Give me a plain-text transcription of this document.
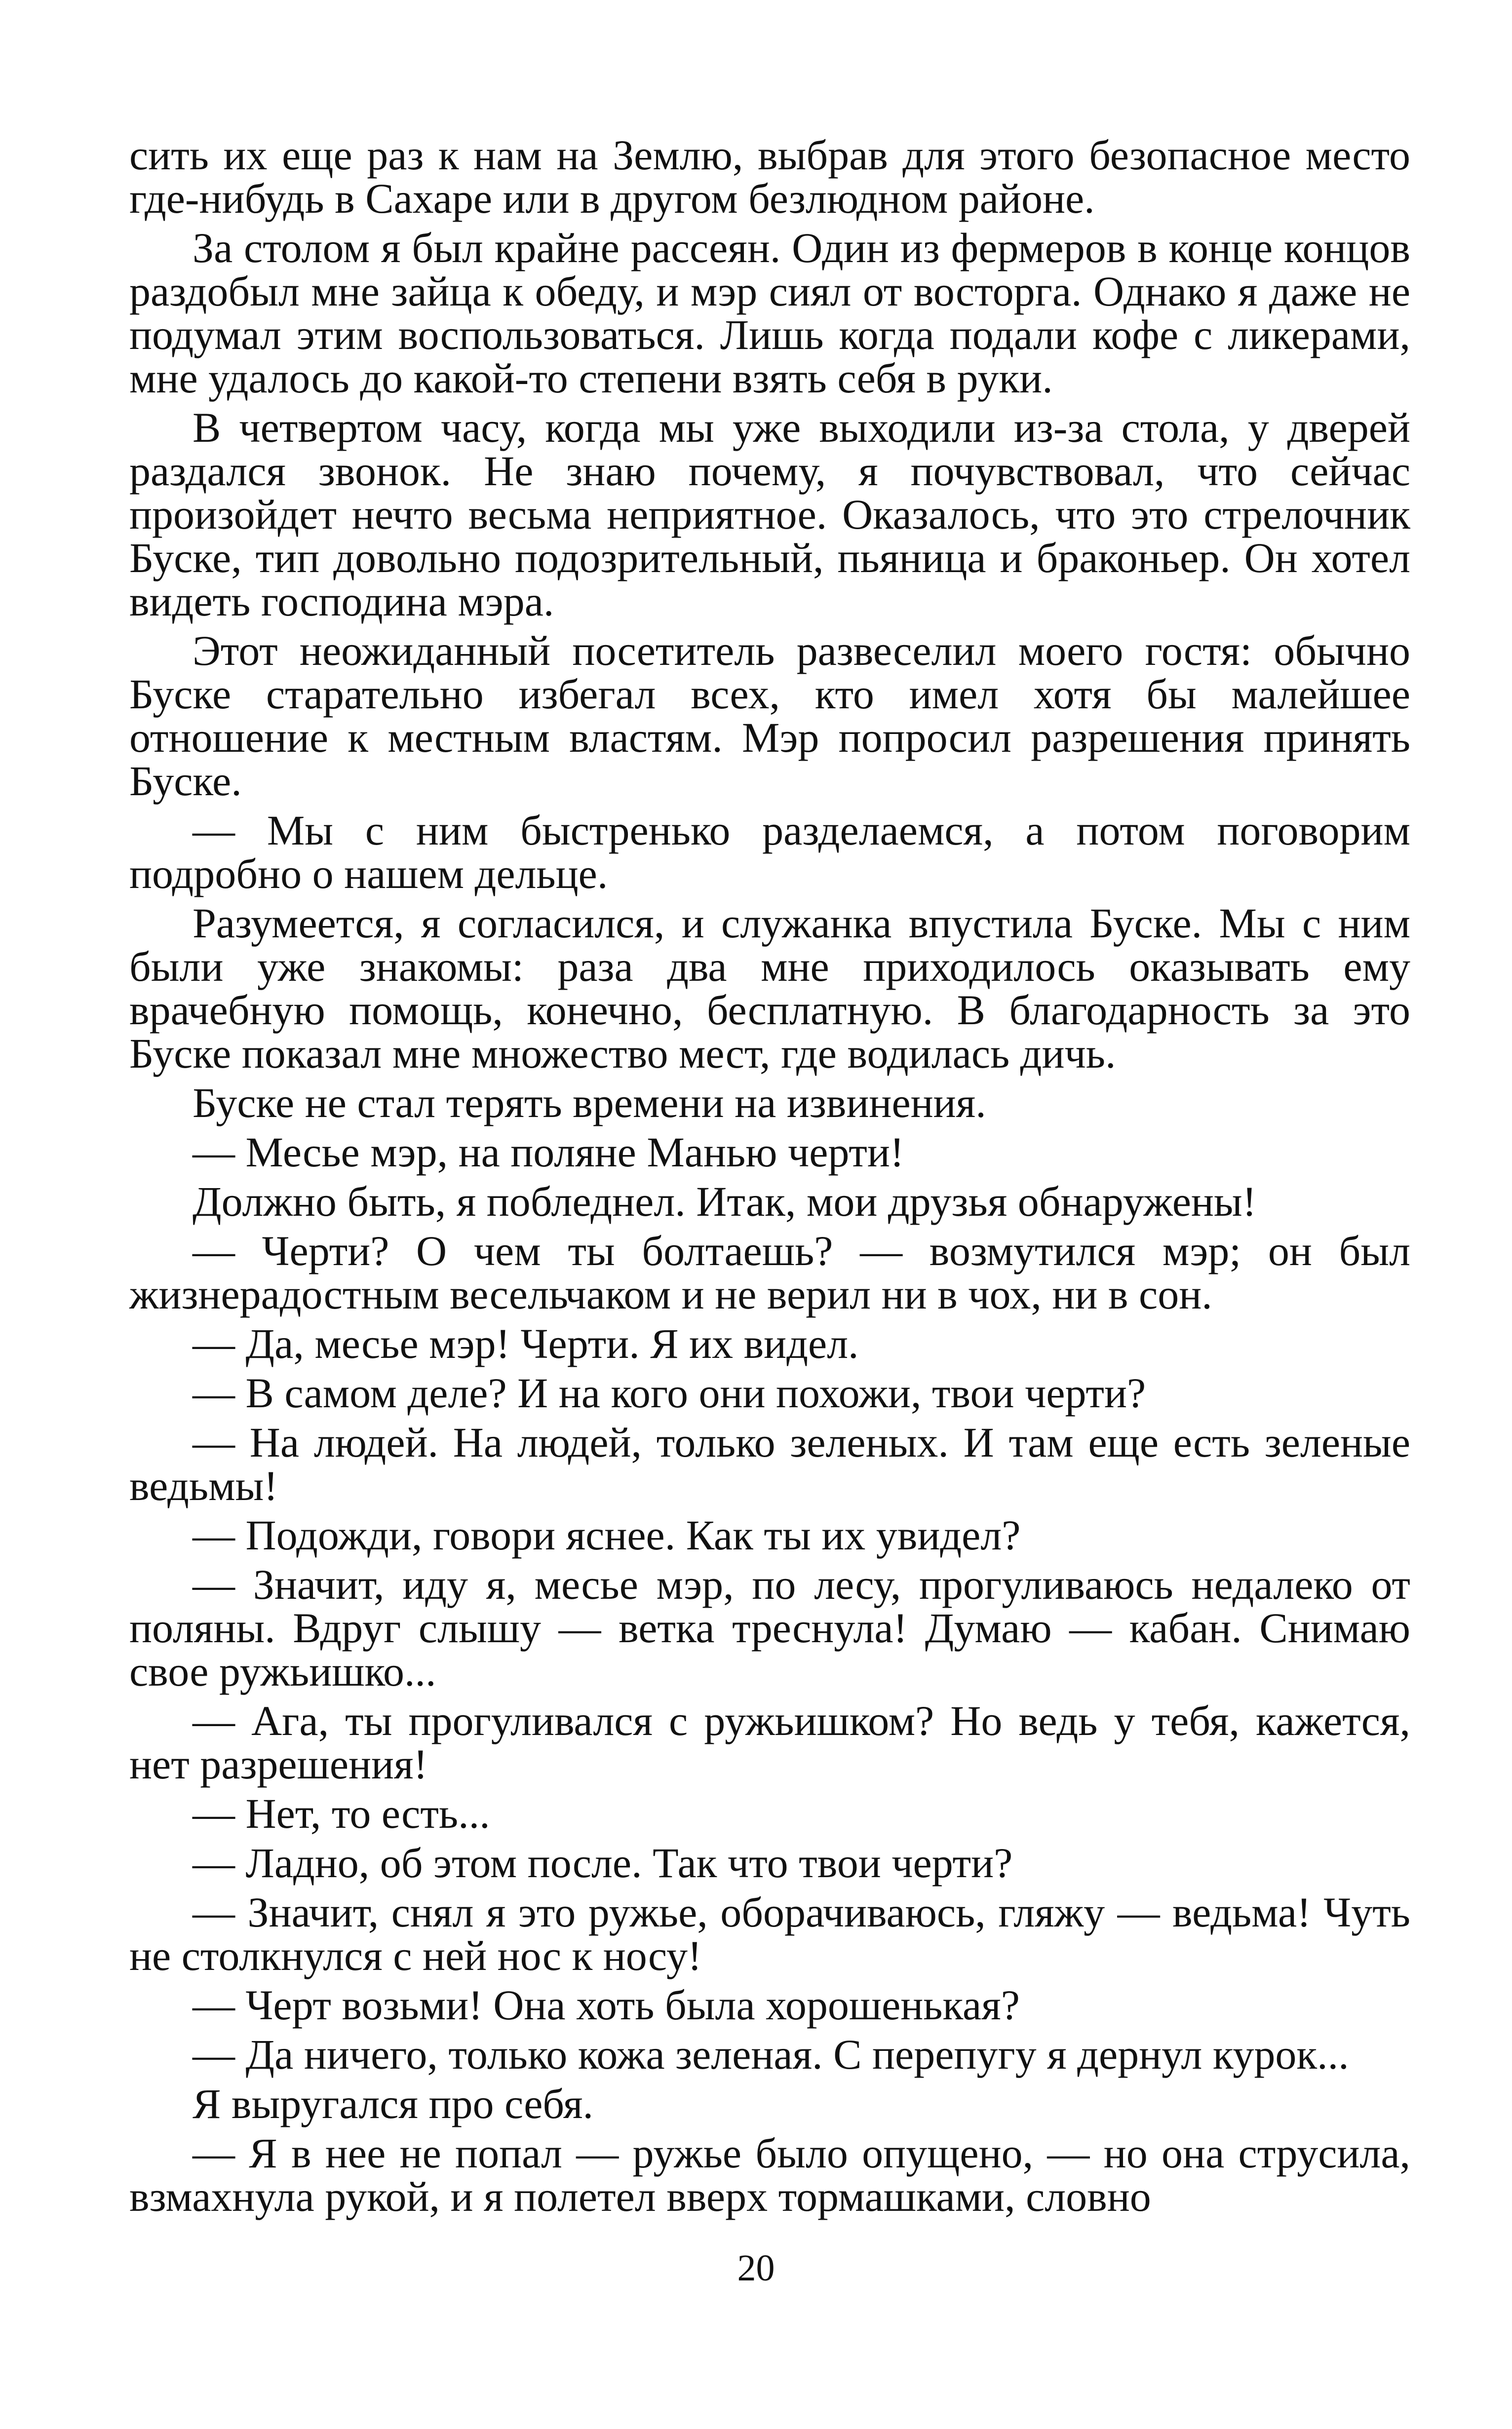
сить их еще раз к нам на Землю, выбрав для этого безопасное место где-нибудь в Сахаре или в другом безлюдном районе.

За столом я был крайне рассеян. Один из фермеров в конце концов раздобыл мне зайца к обеду, и мэр сиял от восторга. Однако я даже не подумал этим воспользоваться. Лишь когда подали кофе с ликерами, мне удалось до какой-то степени взять себя в руки.

В четвертом часу, когда мы уже выходили из-за стола, у дверей раздался звонок. Не знаю почему, я почувствовал, что сейчас произойдет нечто весьма неприятное. Оказалось, что это стрелочник Буске, тип довольно подозрительный, пьяница и браконьер. Он хотел видеть господина мэра.

Этот неожиданный посетитель развеселил моего гостя: обычно Буске старательно избегал всех, кто имел хотя бы малейшее отношение к местным властям. Мэр попросил разрешения принять Буске.

— Мы с ним быстренько разделаемся, а потом поговорим подробно о нашем дельце.

Разумеется, я согласился, и служанка впустила Буске. Мы с ним были уже знакомы: раза два мне приходилось оказывать ему врачебную помощь, конечно, бесплатную. В благодарность за это Буске показал мне множество мест, где водилась дичь.

Буске не стал терять времени на извинения.

— Месье мэр, на поляне Манью черти!

Должно быть, я побледнел. Итак, мои друзья обнаружены!

— Черти? О чем ты болтаешь? — возмутился мэр; он был жизнерадостным весельчаком и не верил ни в чох, ни в сон.

— Да, месье мэр! Черти. Я их видел.

— В самом деле? И на кого они похожи, твои черти?

— На людей. На людей, только зеленых. И там еще есть зеленые ведьмы!

— Подожди, говори яснее. Как ты их увидел?

— Значит, иду я, месье мэр, по лесу, прогуливаюсь недалеко от поляны. Вдруг слышу — ветка треснула! Думаю — кабан. Снимаю свое ружьишко...

— Ага, ты прогуливался с ружьишком? Но ведь у тебя, кажется, нет разрешения!

— Нет, то есть...

— Ладно, об этом после. Так что твои черти?

— Значит, снял я это ружье, оборачиваюсь, гляжу — ведьма! Чуть не столкнулся с ней нос к носу!

— Черт возьми! Она хоть была хорошенькая?

— Да ничего, только кожа зеленая. С перепугу я дернул курок...

Я выругался про себя.

— Я в нее не попал — ружье было опущено, — но она струсила, взмахнула рукой, и я полетел вверх тормашками, словно

20
